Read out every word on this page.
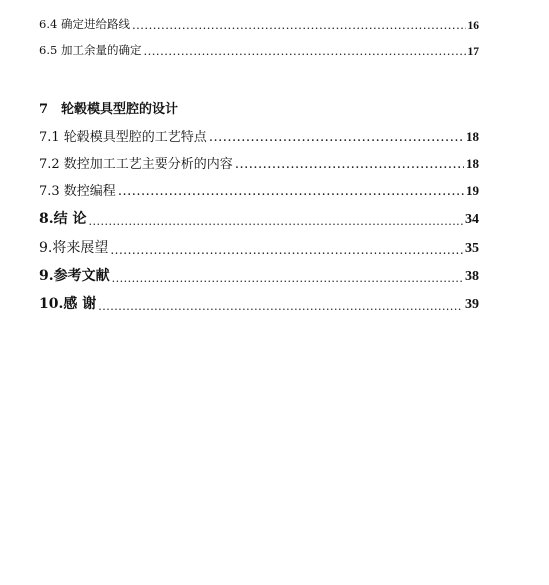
6.4 确定进给路线 .....	16
6.5 加工余量的确定 .....	17
7 轮毂模具型腔的设计
7.1 轮毂模具型腔的工艺特点 .....	18
7.2 数控加工工艺主要分析的内容 .....	18
7.3 数控编程 .....	19
8.结 论 .....	34
9.将来展望 .....	35
9.参考文献 .....	38
10.感 谢 .....	39
